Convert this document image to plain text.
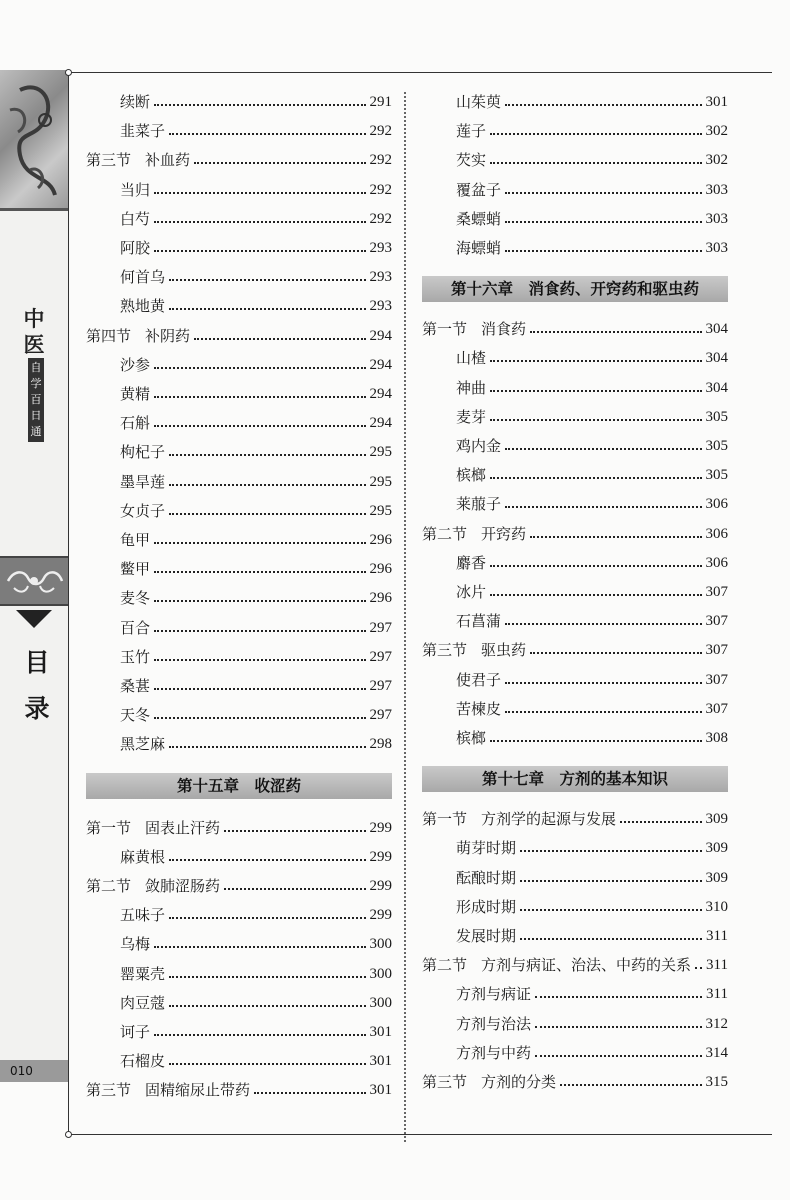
中医
自学百日通
目录
010
续断	291
韭菜子	292
第三节 补血药	292
当归	292
白芍	292
阿胶	293
何首乌	293
熟地黄	293
第四节 补阴药	294
沙参	294
黄精	294
石斛	294
枸杞子	295
墨旱莲	295
女贞子	295
龟甲	296
鳖甲	296
麦冬	296
百合	297
玉竹	297
桑葚	297
天冬	297
黑芝麻	298
第十五章　收涩药
第一节 固表止汗药	299
麻黄根	299
第二节 敛肺涩肠药	299
五味子	299
乌梅	300
罂粟壳	300
肉豆蔻	300
诃子	301
石榴皮	301
第三节 固精缩尿止带药	301
山茱萸	301
莲子	302
芡实	302
覆盆子	303
桑螵蛸	303
海螵蛸	303
第十六章　消食药、开窍药和驱虫药
第一节 消食药	304
山楂	304
神曲	304
麦芽	305
鸡内金	305
槟榔	305
莱菔子	306
第二节 开窍药	306
麝香	306
冰片	307
石菖蒲	307
第三节 驱虫药	307
使君子	307
苦楝皮	307
槟榔	308
第十七章　方剂的基本知识
第一节 方剂学的起源与发展	309
萌芽时期	309
酝酿时期	309
形成时期	310
发展时期	311
第二节 方剂与病证、治法、中药的关系 311
方剂与病证	311
方剂与治法	312
方剂与中药	314
第三节 方剂的分类	315
